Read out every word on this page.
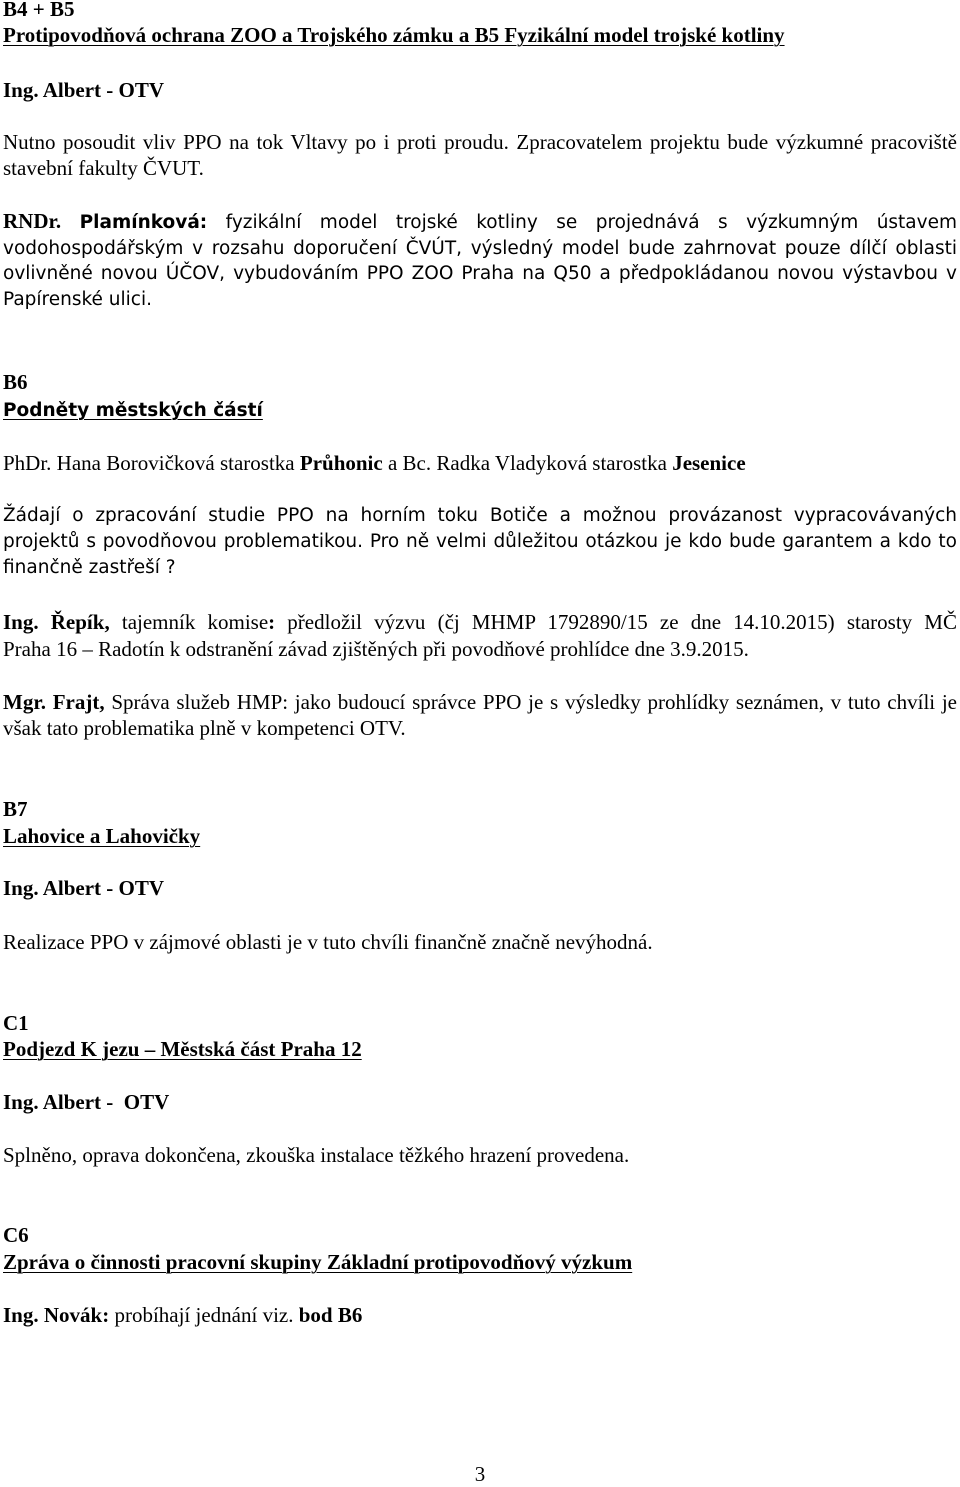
B4 + B5
Protipovodňová ochrana ZOO a Trojského zámku a B5 Fyzikální model trojské kotliny
Ing. Albert - OTV

Nutno posoudit vliv PPO na tok Vltavy po i proti proudu. Zpracovatelem projektu bude výzkumné pracoviště stavební fakulty ČVUT.

RNDr. Plamínková: fyzikální model trojské kotliny se projednává s výzkumným ústavem vodohospodářským v rozsahu doporučení ČVÚT, výsledný model bude zahrnovat pouze dílčí oblasti ovlivněné novou ÚČOV, vybudováním PPO ZOO Praha na Q50 a předpokládanou novou výstavbou v Papírenské ulici.

B6
Podněty městských částí

PhDr. Hana Borovičková starostka Průhonic a Bc. Radka Vladyková starostka Jesenice

Žádají o zpracování studie PPO na horním toku Botiče a možnou provázanost vypracovávaných projektů s povodňovou problematikou. Pro ně velmi důležitou otázkou je kdo bude garantem a kdo to finančně zastřeší ?

Ing. Řepík, tajemník komise: předložil výzvu (čj MHMP 1792890/15 ze dne 14.10.2015) starosty MČ

Praha 16 – Radotín k odstranění závad zjištěných při povodňové prohlídce dne 3.9.2015.

Mgr. Frajt, Správa služeb HMP: jako budoucí správce PPO je s výsledky prohlídky seznámen, v tuto chvíli je však tato problematika plně v kompetenci OTV.

B7
Lahovice a Lahovičky
Ing. Albert - OTV

Realizace PPO v zájmové oblasti je v tuto chvíli finančně značně nevýhodná.

C1
Podjezd K jezu – Městská část Praha 12
Ing. Albert -  OTV

Splněno, oprava dokončena, zkouška instalace těžkého hrazení provedena.

C6
Zpráva o činnosti pracovní skupiny Základní protipovodňový výzkum

Ing. Novák: probíhají jednání viz. bod B6

3
